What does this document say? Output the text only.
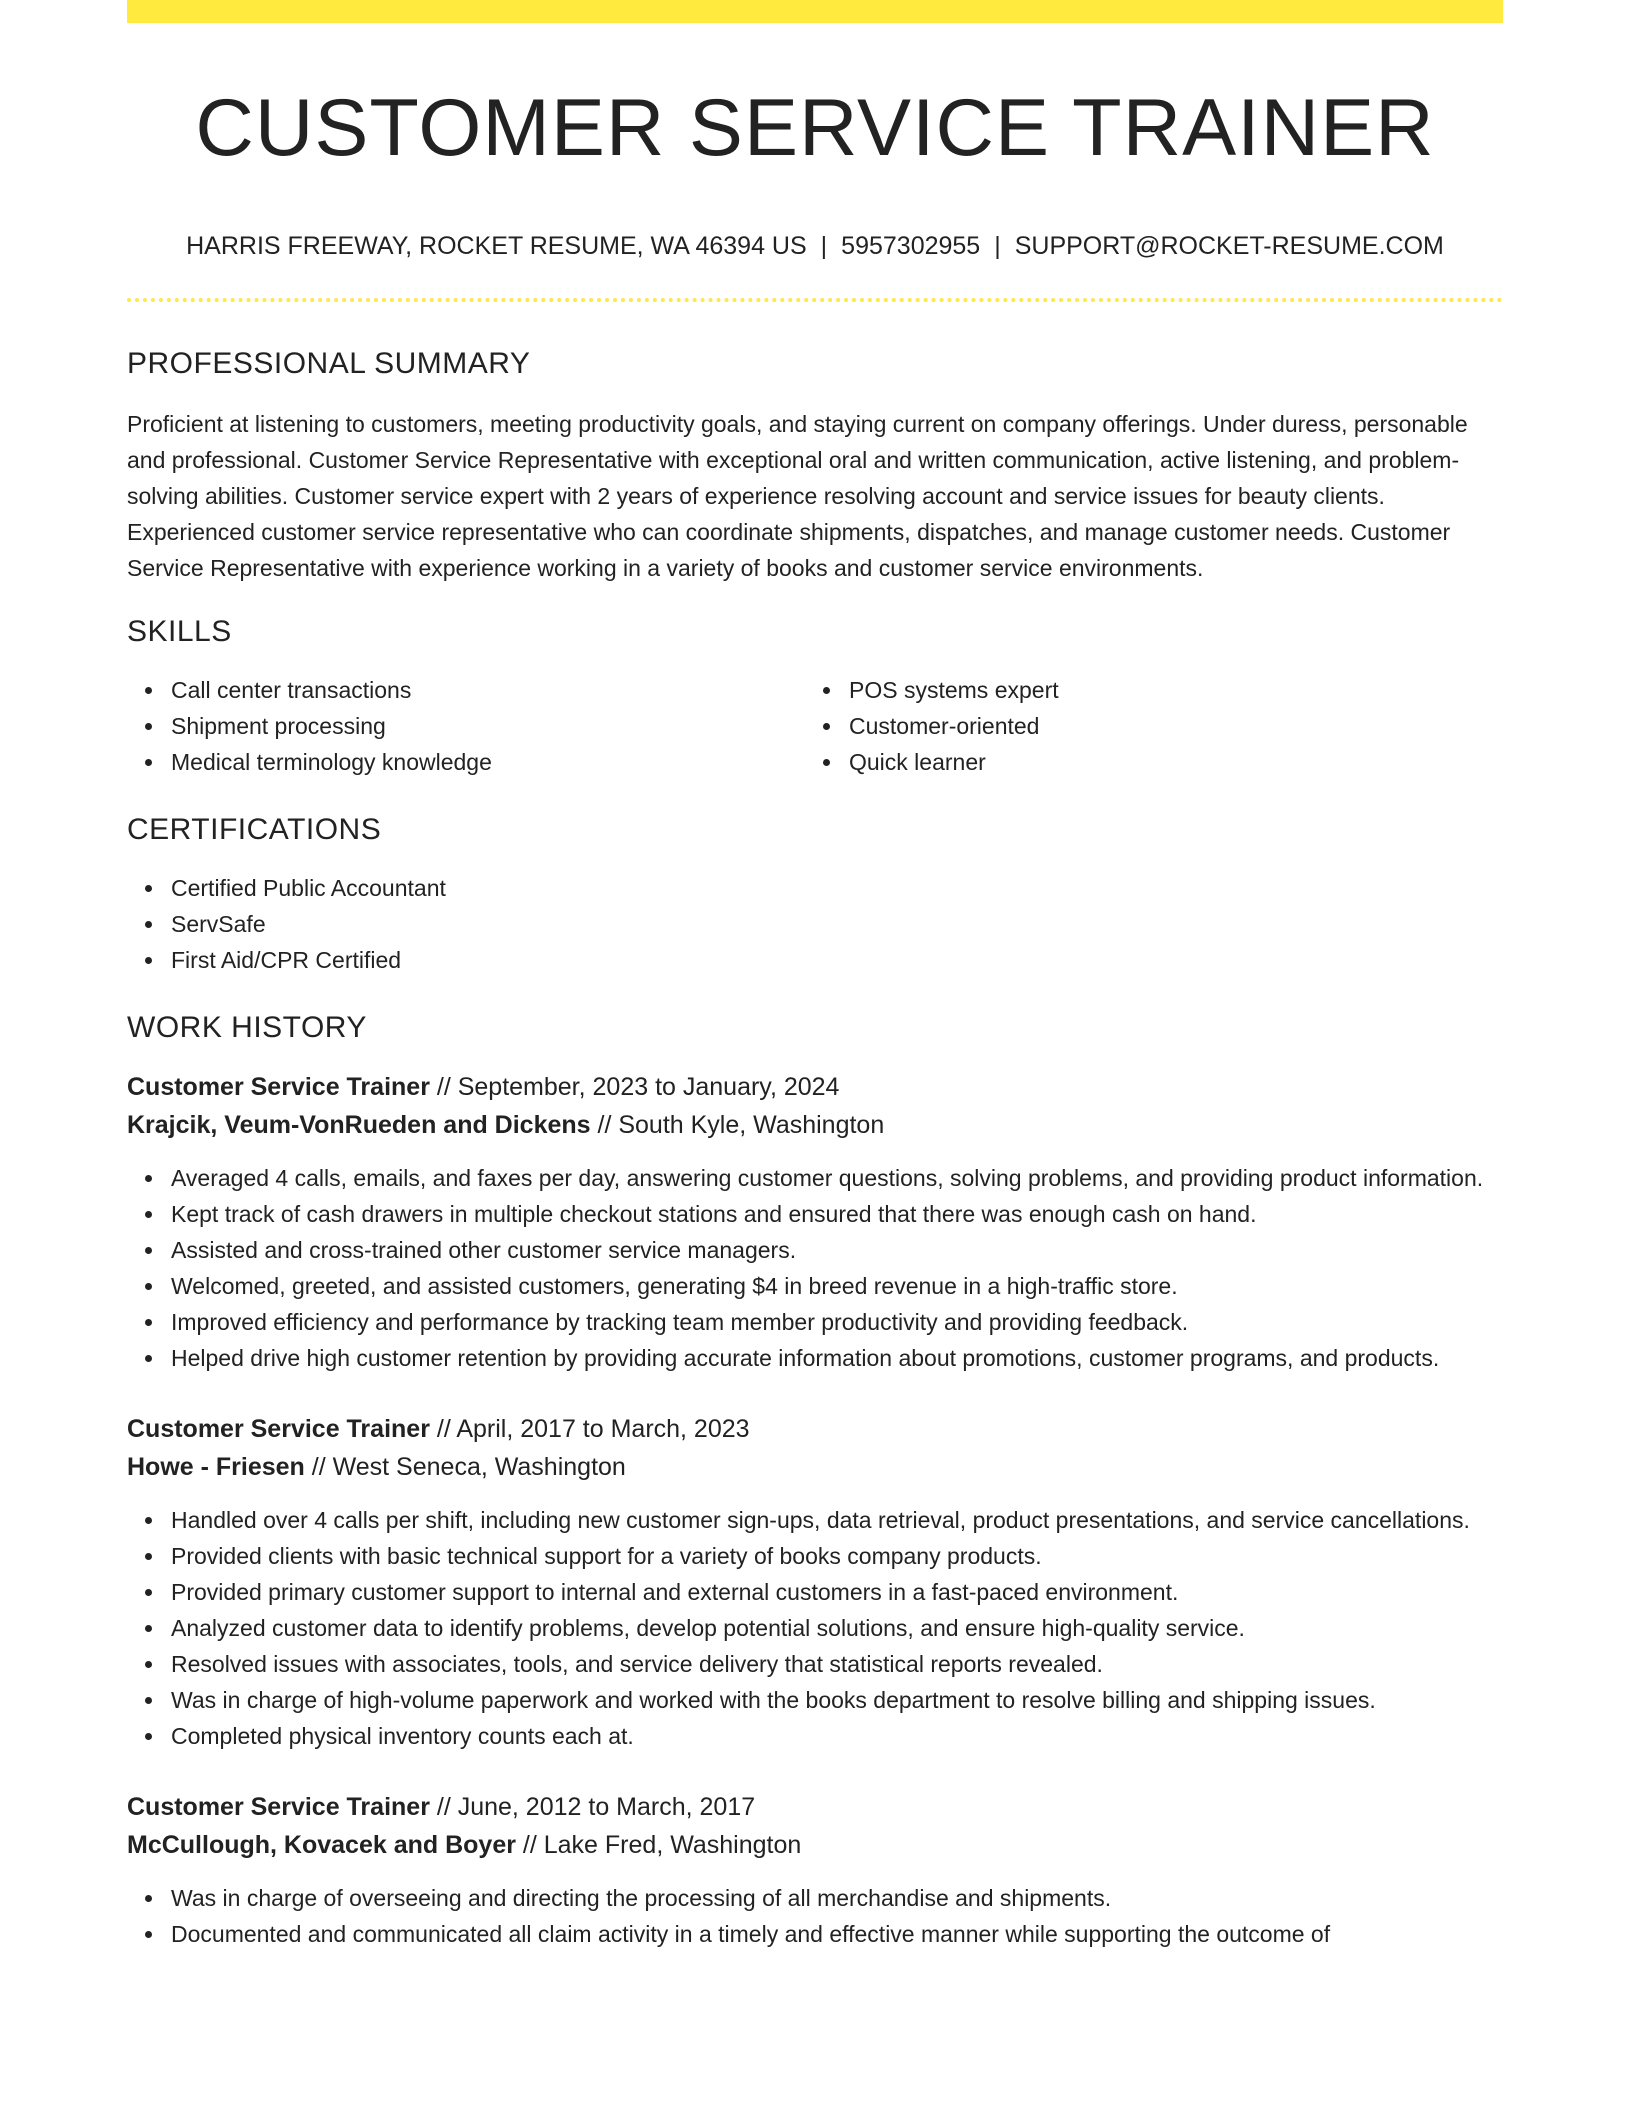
CUSTOMER SERVICE TRAINER
HARRIS FREEWAY, ROCKET RESUME, WA 46394 US | 5957302955 | SUPPORT@ROCKET-RESUME.COM
PROFESSIONAL SUMMARY

Proficient at listening to customers, meeting productivity goals, and staying current on company offerings. Under duress, personable and professional. Customer Service Representative with exceptional oral and written communication, active listening, and problem-solving abilities. Customer service expert with 2 years of experience resolving account and service issues for beauty clients. Experienced customer service representative who can coordinate shipments, dispatches, and manage customer needs. Customer Service Representative with experience working in a variety of books and customer service environments.

SKILLS
Call center transactions
Shipment processing
Medical terminology knowledge
POS systems expert
Customer-oriented
Quick learner
CERTIFICATIONS
Certified Public Accountant
ServSafe
First Aid/CPR Certified
WORK HISTORY
Customer Service Trainer // September, 2023 to January, 2024
Krajcik, Veum-VonRueden and Dickens // South Kyle, Washington
Averaged 4 calls, emails, and faxes per day, answering customer questions, solving problems, and providing product information.
Kept track of cash drawers in multiple checkout stations and ensured that there was enough cash on hand.
Assisted and cross-trained other customer service managers.
Welcomed, greeted, and assisted customers, generating $4 in breed revenue in a high-traffic store.
Improved efficiency and performance by tracking team member productivity and providing feedback.
Helped drive high customer retention by providing accurate information about promotions, customer programs, and products.
Customer Service Trainer // April, 2017 to March, 2023
Howe - Friesen // West Seneca, Washington
Handled over 4 calls per shift, including new customer sign-ups, data retrieval, product presentations, and service cancellations.
Provided clients with basic technical support for a variety of books company products.
Provided primary customer support to internal and external customers in a fast-paced environment.
Analyzed customer data to identify problems, develop potential solutions, and ensure high-quality service.
Resolved issues with associates, tools, and service delivery that statistical reports revealed.
Was in charge of high-volume paperwork and worked with the books department to resolve billing and shipping issues.
Completed physical inventory counts each at.
Customer Service Trainer // June, 2012 to March, 2017
McCullough, Kovacek and Boyer // Lake Fred, Washington
Was in charge of overseeing and directing the processing of all merchandise and shipments.
Documented and communicated all claim activity in a timely and effective manner while supporting the outcome of
